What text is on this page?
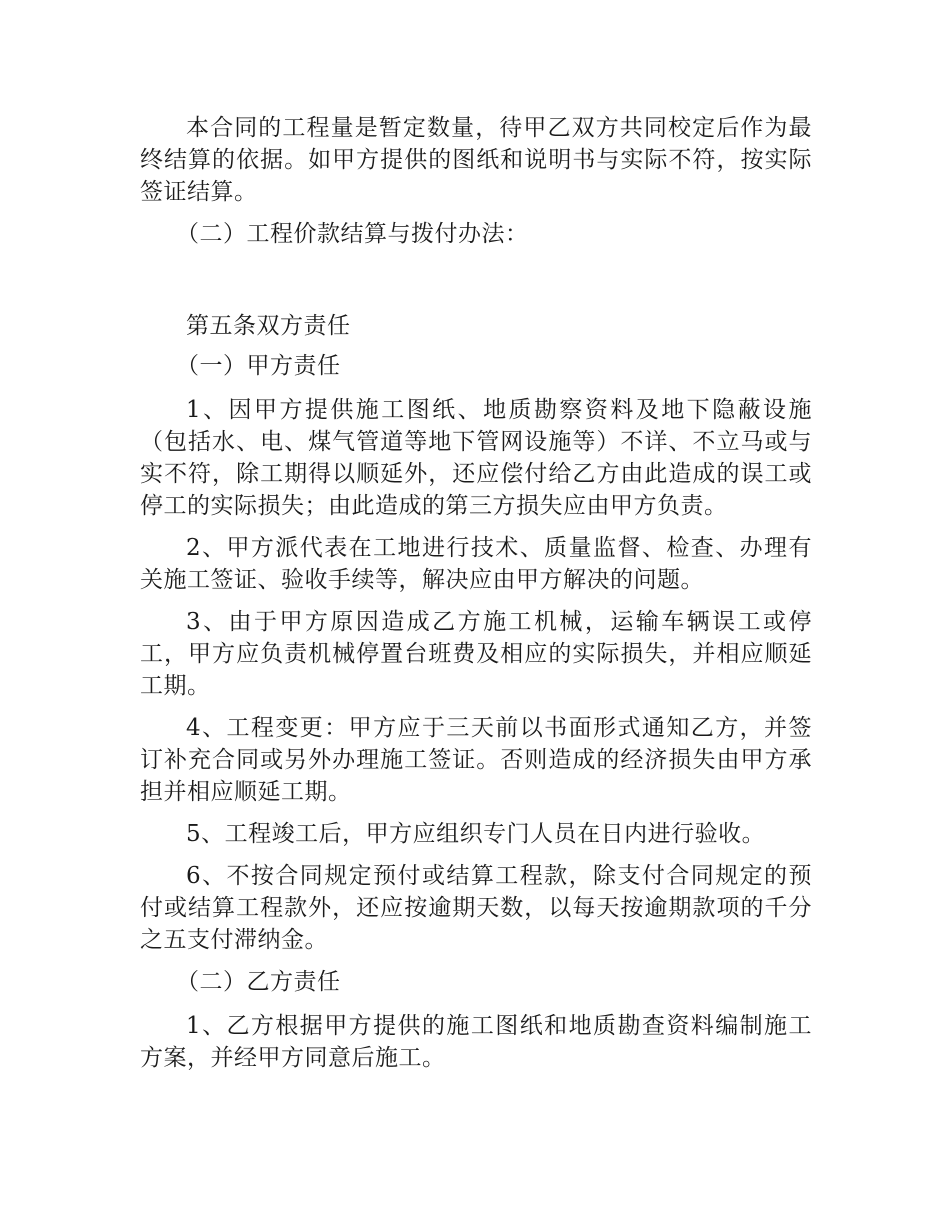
本合同的工程量是暂定数量，待甲乙双方共同校定后作为最终结算的依据。如甲方提供的图纸和说明书与实际不符，按实际签证结算。

（二）工程价款结算与拨付办法：

第五条双方责任

（一）甲方责任

1、因甲方提供施工图纸、地质勘察资料及地下隐蔽设施（包括水、电、煤气管道等地下管网设施等）不详、不立马或与实不符，除工期得以顺延外，还应偿付给乙方由此造成的误工或停工的实际损失；由此造成的第三方损失应由甲方负责。

2、甲方派代表在工地进行技术、质量监督、检查、办理有关施工签证、验收手续等，解决应由甲方解决的问题。

3、由于甲方原因造成乙方施工机械，运输车辆误工或停工，甲方应负责机械停置台班费及相应的实际损失，并相应顺延工期。

4、工程变更：甲方应于三天前以书面形式通知乙方，并签订补充合同或另外办理施工签证。否则造成的经济损失由甲方承担并相应顺延工期。

5、工程竣工后，甲方应组织专门人员在日内进行验收。

6、不按合同规定预付或结算工程款，除支付合同规定的预付或结算工程款外，还应按逾期天数，以每天按逾期款项的千分之五支付滞纳金。

（二）乙方责任

1、乙方根据甲方提供的施工图纸和地质勘查资料编制施工方案，并经甲方同意后施工。
